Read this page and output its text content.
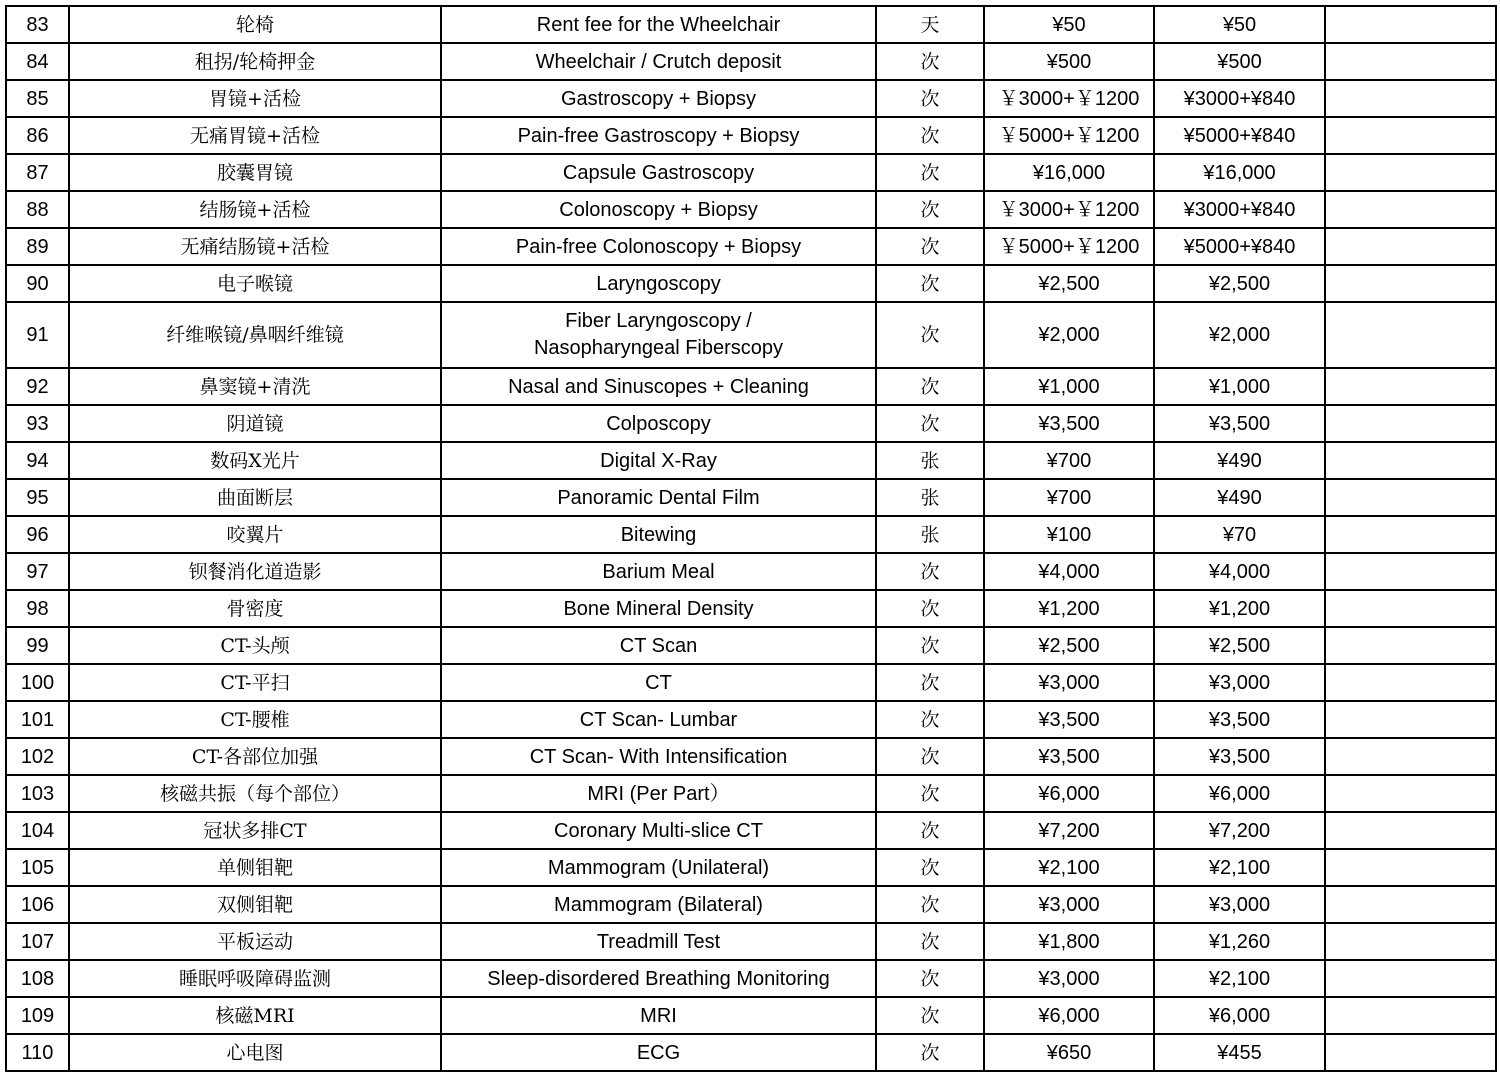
83	轮椅	Rent fee for the Wheelchair	天	¥50	¥50	
84	租拐/轮椅押金	Wheelchair / Crutch deposit	次	¥500	¥500	
85	胃镜+活检	Gastroscopy + Biopsy	次	￥3000+￥1200	¥3000+¥840	
86	无痛胃镜+活检	Pain-free Gastroscopy + Biopsy	次	￥5000+￥1200	¥5000+¥840	
87	胶囊胃镜	Capsule Gastroscopy	次	¥16,000	¥16,000	
88	结肠镜+活检	Colonoscopy + Biopsy	次	￥3000+￥1200	¥3000+¥840	
89	无痛结肠镜+活检	Pain-free Colonoscopy + Biopsy	次	￥5000+￥1200	¥5000+¥840	
90	电子喉镜	Laryngoscopy	次	¥2,500	¥2,500	
91	纤维喉镜/鼻咽纤维镜	Fiber Laryngoscopy /
Nasopharyngeal Fiberscopy	次	¥2,000	¥2,000	
92	鼻窦镜+清洗	Nasal and Sinuscopes + Cleaning	次	¥1,000	¥1,000	
93	阴道镜	Colposcopy	次	¥3,500	¥3,500	
94	数码X光片	Digital X-Ray	张	¥700	¥490	
95	曲面断层	Panoramic Dental Film	张	¥700	¥490	
96	咬翼片	Bitewing	张	¥100	¥70	
97	钡餐消化道造影	Barium Meal	次	¥4,000	¥4,000	
98	骨密度	Bone Mineral Density	次	¥1,200	¥1,200	
99	CT-头颅	CT Scan	次	¥2,500	¥2,500	
100	CT-平扫	CT	次	¥3,000	¥3,000	
101	CT-腰椎	CT Scan- Lumbar	次	¥3,500	¥3,500	
102	CT-各部位加强	CT Scan- With Intensification	次	¥3,500	¥3,500	
103	核磁共振（每个部位）	MRI (Per Part）	次	¥6,000	¥6,000	
104	冠状多排CT	Coronary Multi-slice CT	次	¥7,200	¥7,200	
105	单侧钼靶	Mammogram (Unilateral)	次	¥2,100	¥2,100	
106	双侧钼靶	Mammogram (Bilateral)	次	¥3,000	¥3,000	
107	平板运动	Treadmill Test	次	¥1,800	¥1,260	
108	睡眠呼吸障碍监测	Sleep-disordered Breathing Monitoring	次	¥3,000	¥2,100	
109	核磁MRI	MRI	次	¥6,000	¥6,000	
110	心电图	ECG	次	¥650	¥455	
